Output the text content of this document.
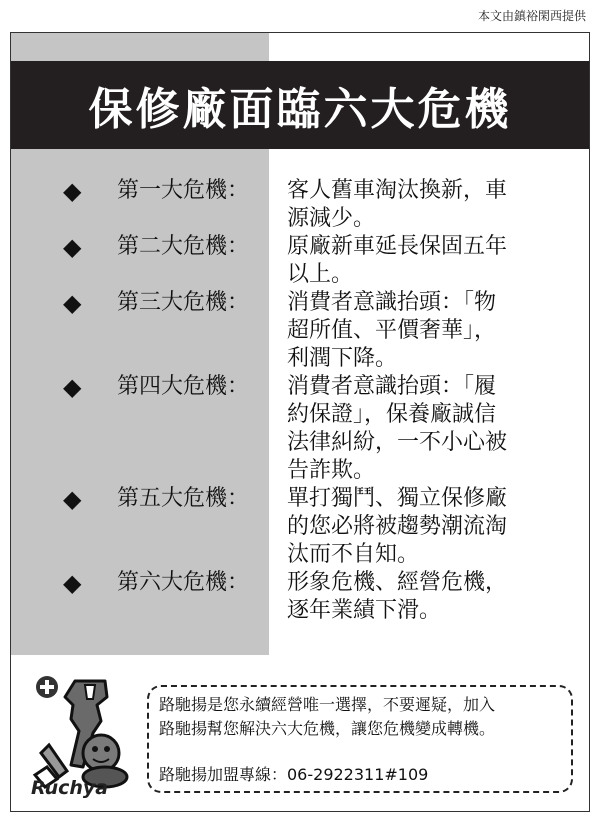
本文由鎮裕閑西提供
保修廠面臨六大危機
◆ 第一大危機： 客人舊車淘汰換新，車
源減少。
◆ 第二大危機： 原廠新車延長保固五年
以上。
◆ 第三大危機： 消費者意識抬頭：「物
超所值、平價奢華」，
利潤下降。
◆ 第四大危機： 消費者意識抬頭：「履
約保證」，保養廠誠信
法律糾紛，一不小心被
告詐欺。
◆ 第五大危機： 單打獨鬥、獨立保修廠
的您必將被趨勢潮流淘
汰而不自知。
◆ 第六大危機： 形象危機、經營危機，
逐年業績下滑。
Ruchya
路馳揚是您永續經營唯一選擇，不要遲疑，加入
路馳揚幫您解決六大危機，讓您危機變成轉機。
路馳揚加盟專線：06-2922311#109
